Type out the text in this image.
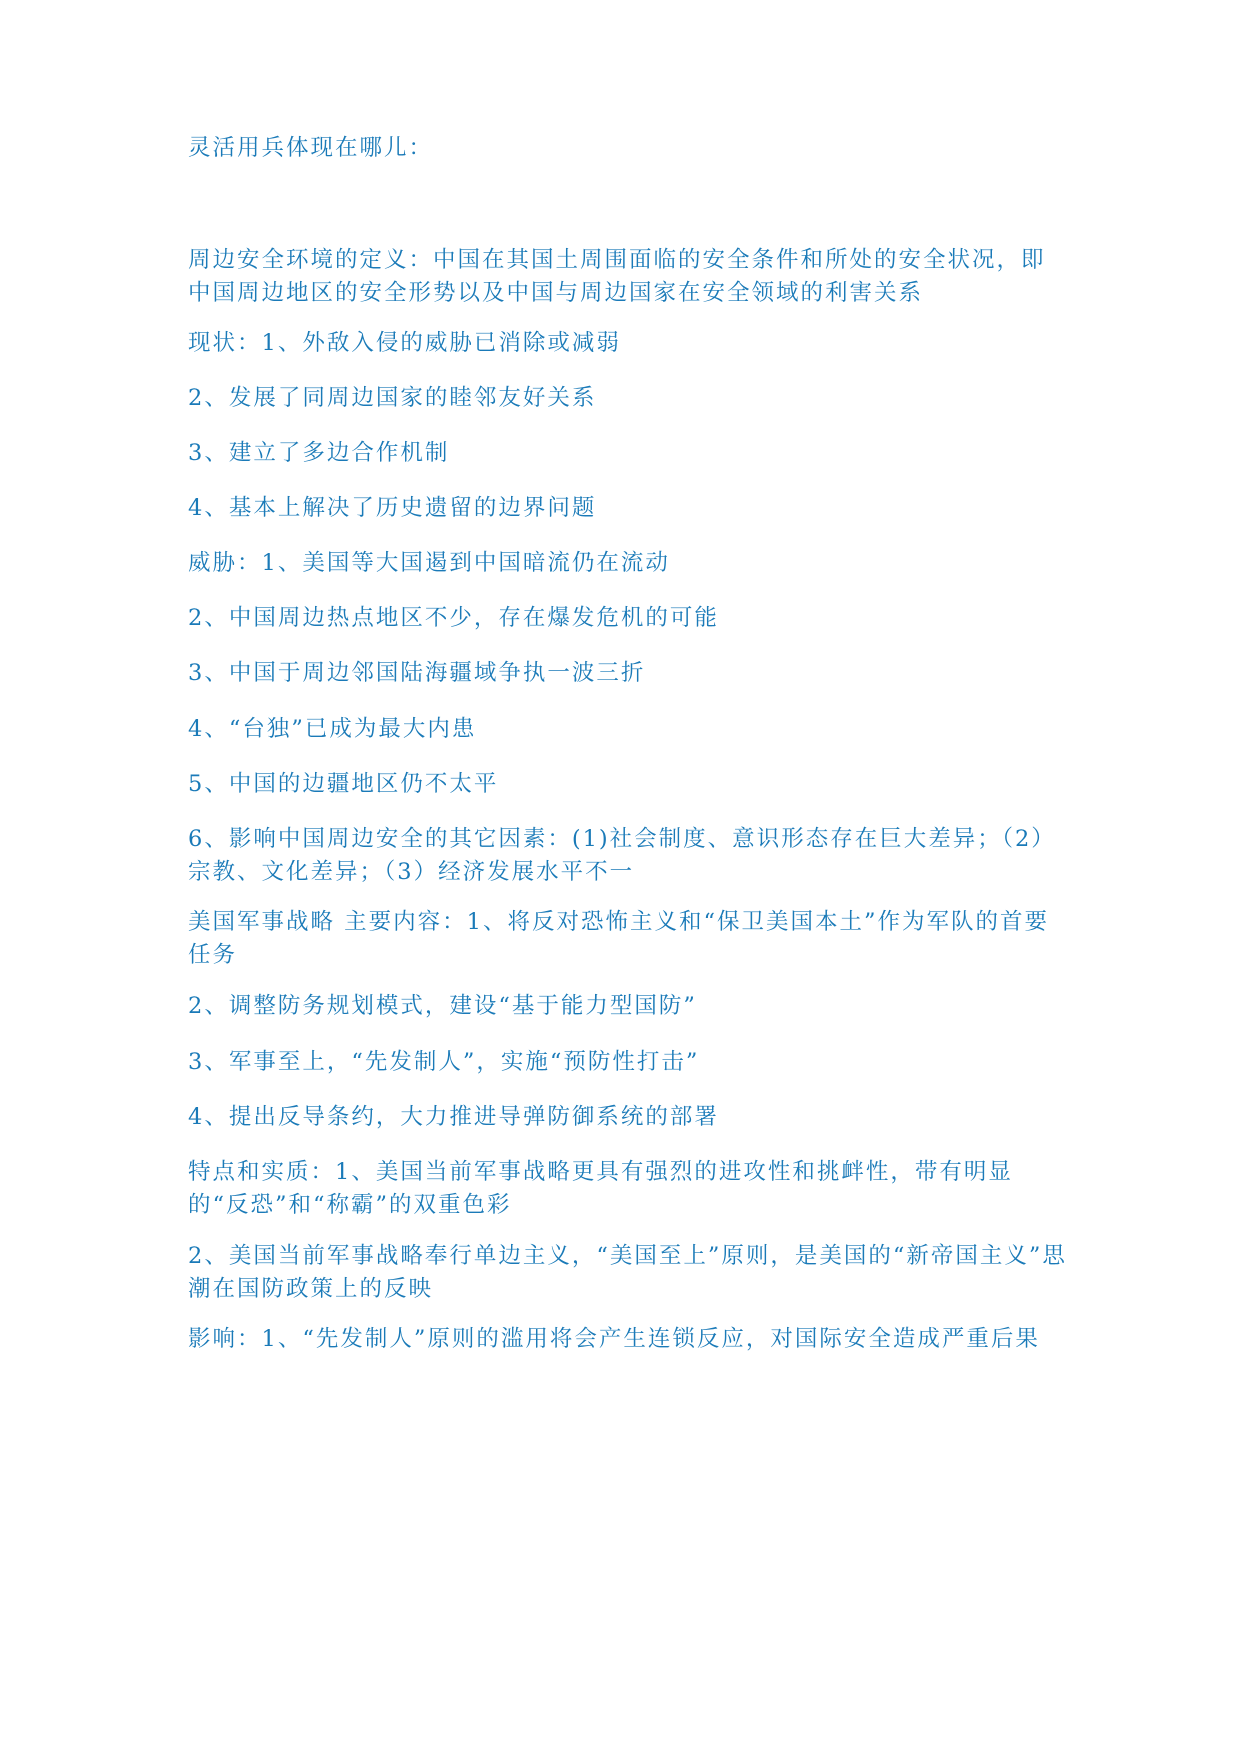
灵活用兵体现在哪儿：

周边安全环境的定义：中国在其国土周围面临的安全条件和所处的安全状况，即中国周边地区的安全形势以及中国与周边国家在安全领域的利害关系

现状：1、外敌入侵的威胁已消除或减弱

2、发展了同周边国家的睦邻友好关系

3、建立了多边合作机制

4、基本上解决了历史遗留的边界问题

威胁：1、美国等大国遏到中国暗流仍在流动

2、中国周边热点地区不少，存在爆发危机的可能

3、中国于周边邻国陆海疆域争执一波三折

4、“台独”已成为最大内患

5、中国的边疆地区仍不太平

6、影响中国周边安全的其它因素：(1)社会制度、意识形态存在巨大差异；（2）宗教、文化差异；（3）经济发展水平不一

美国军事战略 主要内容：1、将反对恐怖主义和“保卫美国本土”作为军队的首要任务

2、调整防务规划模式，建设“基于能力型国防”

3、军事至上，“先发制人”，实施“预防性打击”

4、提出反导条约，大力推进导弹防御系统的部署

特点和实质：1、美国当前军事战略更具有强烈的进攻性和挑衅性，带有明显的“反恐”和“称霸”的双重色彩

2、美国当前军事战略奉行单边主义，“美国至上”原则，是美国的“新帝国主义”思潮在国防政策上的反映

影响：1、“先发制人”原则的滥用将会产生连锁反应，对国际安全造成严重后果
